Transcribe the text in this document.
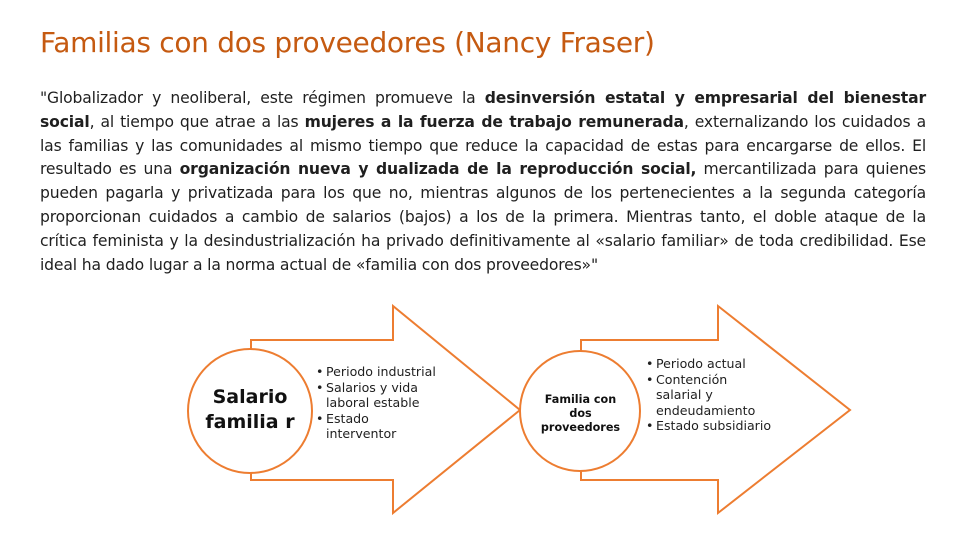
Familias con dos proveedores (Nancy Fraser)
"Globalizador y neoliberal, este régimen promueve la desinversión estatal y empresarial del bienestar social, al tiempo que atrae a las mujeres a la fuerza de trabajo remunerada, externalizando los cuidados a las familias y las comunidades al mismo tiempo que reduce la capacidad de estas para encargarse de ellos. El resultado es una organización nueva y dualizada de la reproducción social, mercantilizada para quienes pueden pagarla y privatizada para los que no, mientras algunos de los pertenecientes a la segunda categoría proporcionan cuidados a cambio de salarios (bajos) a los de la primera. Mientras tanto, el doble ataque de la crítica feminista y la desindustrialización ha privado definitivamente al «salario familiar» de toda credibilidad. Ese ideal ha dado lugar a la norma actual de «familia con dos proveedores»"
Salario familia r
Familia con dos proveedores
• Periodo industrial
• Salarios y vida laboral estable
• Estado interventor
• Periodo actual
• Contención salarial y endeudamiento
• Estado subsidiario
